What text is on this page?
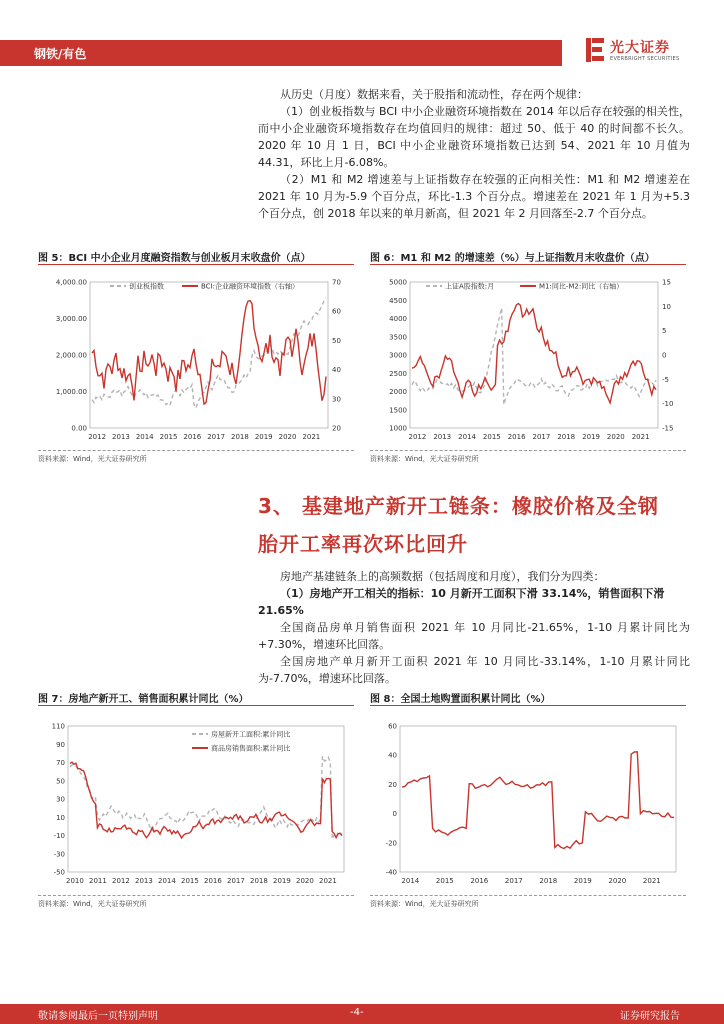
钢铁/有色	光大证券
EVERBRIGHT SECURITIES
从历史（月度）数据来看，关于股指和流动性，存在两个规律：
（1）创业板指数与 BCI 中小企业融资环境指数在 2014 年以后存在较强的相关性，而中小企业融资环境指数存在均值回归的规律：超过 50、低于 40 的时间都不长久。2020 年 10 月 1 日，BCI 中小企业融资环境指数已达到 54、2021 年 10 月值为 44.31，环比上月-6.08%。
（2）M1 和 M2 增速差与上证指数存在较强的正向相关性：M1 和 M2 增速差在 2021 年 10 月为-5.9 个百分点，环比-1.3 个百分点。增速差在 2021 年 1 月为+5.3 个百分点，创 2018 年以来的单月新高，但 2021 年 2 月回落至-2.7 个百分点。
图 5：BCI 中小企业月度融资指数与创业板月末收盘价（点）
4,000.00
3,000.00
2,000.00
1,000.00
0.00
70
60
50
40
30
20
2012 2013 2014 2015 2016 2017 2018 2019 2020 2021
创业板指数	BCI:企业融资环境指数（右轴）
资料来源：Wind，光大证券研究所
图 6：M1 和 M2 的增速差（%）与上证指数月末收盘价（点）
5000
4500
4000
3500
3000
2500
2000
1500
1000
15
10
5
0
-5
-10
-15
2012 2013 2014 2015 2016 2017 2018 2019 2020 2021
上证A股指数:月	M1:同比-M2:同比（右轴）
资料来源：Wind，光大证券研究所
3、 基建地产新开工链条：橡胶价格及全钢
胎开工率再次环比回升
房地产基建链条上的高频数据（包括周度和月度），我们分为四类：
（1）房地产开工相关的指标：10 月新开工面积下滑 33.14%，销售面积下滑 21.65%
全国商品房单月销售面积 2021 年 10 月同比-21.65%，1-10 月累计同比为+7.30%，增速环比回落。
全国房地产单月新开工面积 2021 年 10 月同比-33.14%，1-10 月累计同比为-7.70%，增速环比回落。
图 7：房地产新开工、销售面积累计同比（%）
110
90
70
50
30
10
-10
-30
-50
2010 2011 2012 2013 2014 2015 2016 2017 2018 2019 2020 2021
房屋新开工面积:累计同比
商品房销售面积:累计同比
资料来源：Wind，光大证券研究所
图 8：全国土地购置面积累计同比（%）
60
40
20
0
-20
-40
2014 2015 2016 2017 2018 2019 2020 2021
资料来源：Wind，光大证券研究所
敬请参阅最后一页特别声明	-4-	证券研究报告
